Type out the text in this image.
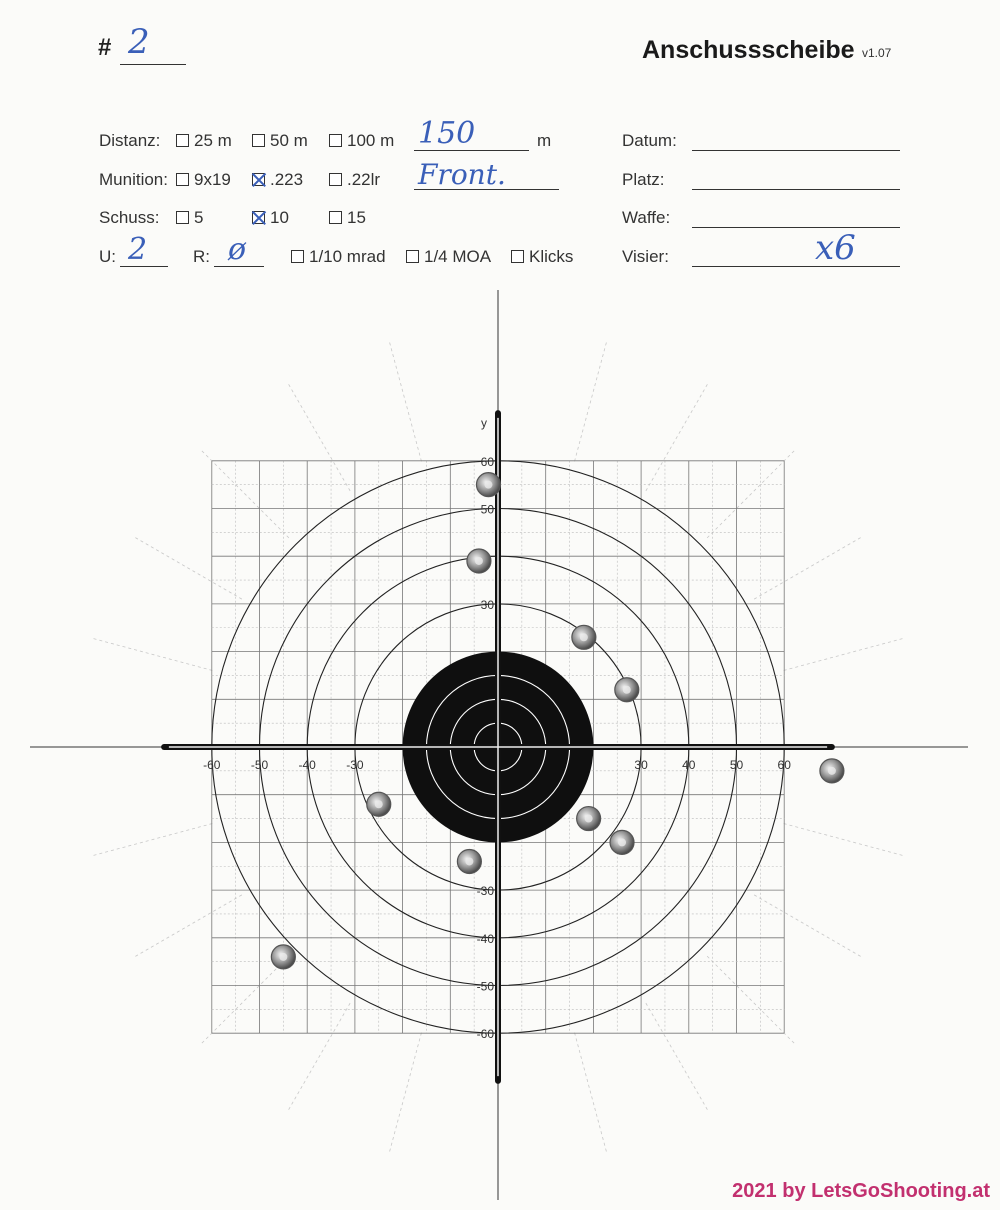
# 2	Anschussscheibe v1.07
Distanz:	25 m	50 m	100 m 150	m
Munition:	9x19	.223	.22lr Front.
Schuss:	5	10	15
U: 2	R: ø	1/10 mrad	1/4 MOA	Klicks
Datum:
Platz:
Waffe:
Visier:	x6
-60	-50	-40	-30	30	40	50	60
60
50
30
-30
-40
-50
-60
y
2021 by LetsGoShooting.at
